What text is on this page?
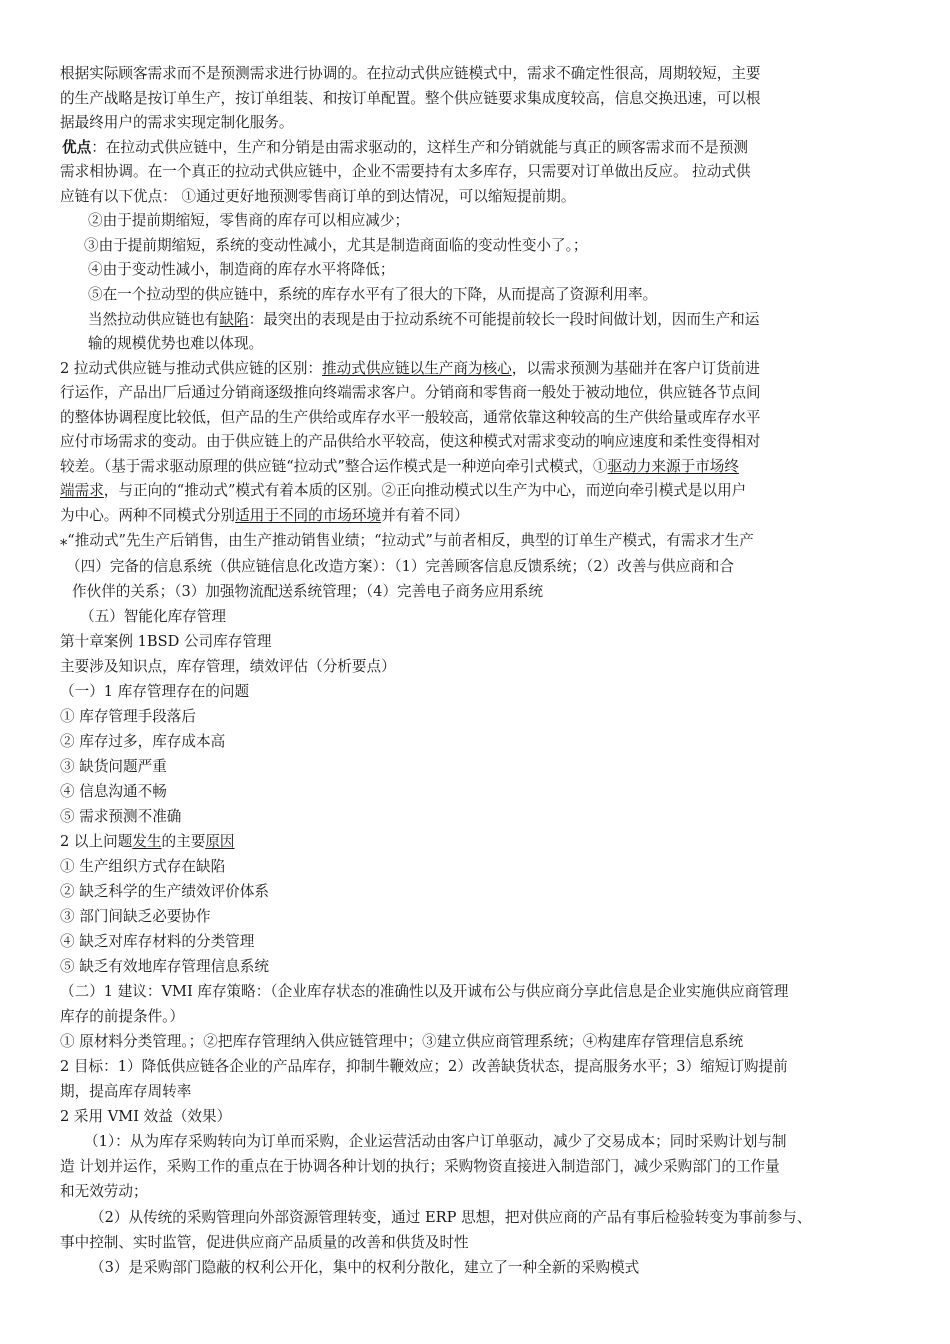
根据实际顾客需求而不是预测需求进行协调的。在拉动式供应链模式中，需求不确定性很高，周期较短，主要
的生产战略是按订单生产，按订单组装、和按订单配置。整个供应链要求集成度较高，信息交换迅速，可以根
据最终用户的需求实现定制化服务。
优点：在拉动式供应链中，生产和分销是由需求驱动的，这样生产和分销就能与真正的顾客需求而不是预测
需求相协调。在一个真正的拉动式供应链中，企业不需要持有太多库存，只需要对订单做出反应。 拉动式供
应链有以下优点： ①通过更好地预测零售商订单的到达情况，可以缩短提前期。
②由于提前期缩短，零售商的库存可以相应减少；
③由于提前期缩短，系统的变动性减小，尤其是制造商面临的变动性变小了。；
④由于变动性减小，制造商的库存水平将降低；
⑤在一个拉动型的供应链中，系统的库存水平有了很大的下降，从而提高了资源利用率。
当然拉动供应链也有缺陷：最突出的表现是由于拉动系统不可能提前较长一段时间做计划，因而生产和运
输的规模优势也难以体现。
2 拉动式供应链与推动式供应链的区别：推动式供应链以生产商为核心，以需求预测为基础并在客户订货前进
行运作，产品出厂后通过分销商逐级推向终端需求客户。分销商和零售商一般处于被动地位，供应链各节点间
的整体协调程度比较低，但产品的生产供给或库存水平一般较高，通常依靠这种较高的生产供给量或库存水平
应付市场需求的变动。由于供应链上的产品供给水平较高，使这种模式对需求变动的响应速度和柔性变得相对
较差。（基于需求驱动原理的供应链“拉动式”整合运作模式是一种逆向牵引式模式，①驱动力来源于市场终
端需求，与正向的“推动式”模式有着本质的区别。②正向推动模式以生产为中心，而逆向牵引模式是以用户
为中心。两种不同模式分别适用于不同的市场环境并有着不同）
⁎“推动式”先生产后销售，由生产推动销售业绩；“拉动式”与前者相反，典型的订单生产模式，有需求才生产
（四）完备的信息系统（供应链信息化改造方案）：（1）完善顾客信息反馈系统；（2）改善与供应商和合
作伙伴的关系；（3）加强物流配送系统管理；（4）完善电子商务应用系统
（五）智能化库存管理
第十章案例 1BSD 公司库存管理
主要涉及知识点，库存管理，绩效评估（分析要点）
（一）1 库存管理存在的问题
① 库存管理手段落后
② 库存过多，库存成本高
③ 缺货问题严重
④ 信息沟通不畅
⑤ 需求预测不准确
2 以上问题发生的主要原因
① 生产组织方式存在缺陷
② 缺乏科学的生产绩效评价体系
③ 部门间缺乏必要协作
④ 缺乏对库存材料的分类管理
⑤ 缺乏有效地库存管理信息系统
（二）1 建议：VMI 库存策略：（企业库存状态的准确性以及开诚布公与供应商分享此信息是企业实施供应商管理
库存的前提条件。）
① 原材料分类管理。；②把库存管理纳入供应链管理中；③建立供应商管理系统；④构建库存管理信息系统
2 目标：1）降低供应链各企业的产品库存，抑制牛鞭效应；2）改善缺货状态，提高服务水平；3）缩短订购提前
期，提高库存周转率
2 采用 VMI 效益（效果）
（1）：从为库存采购转向为订单而采购，企业运营活动由客户订单驱动，减少了交易成本；同时采购计划与制
造 计划并运作，采购工作的重点在于协调各种计划的执行；采购物资直接进入制造部门，减少采购部门的工作量
和无效劳动；
（2）从传统的采购管理向外部资源管理转变，通过 ERP 思想，把对供应商的产品有事后检验转变为事前参与、
事中控制、实时监管，促进供应商产品质量的改善和供货及时性
（3）是采购部门隐蔽的权利公开化，集中的权利分散化，建立了一种全新的采购模式
